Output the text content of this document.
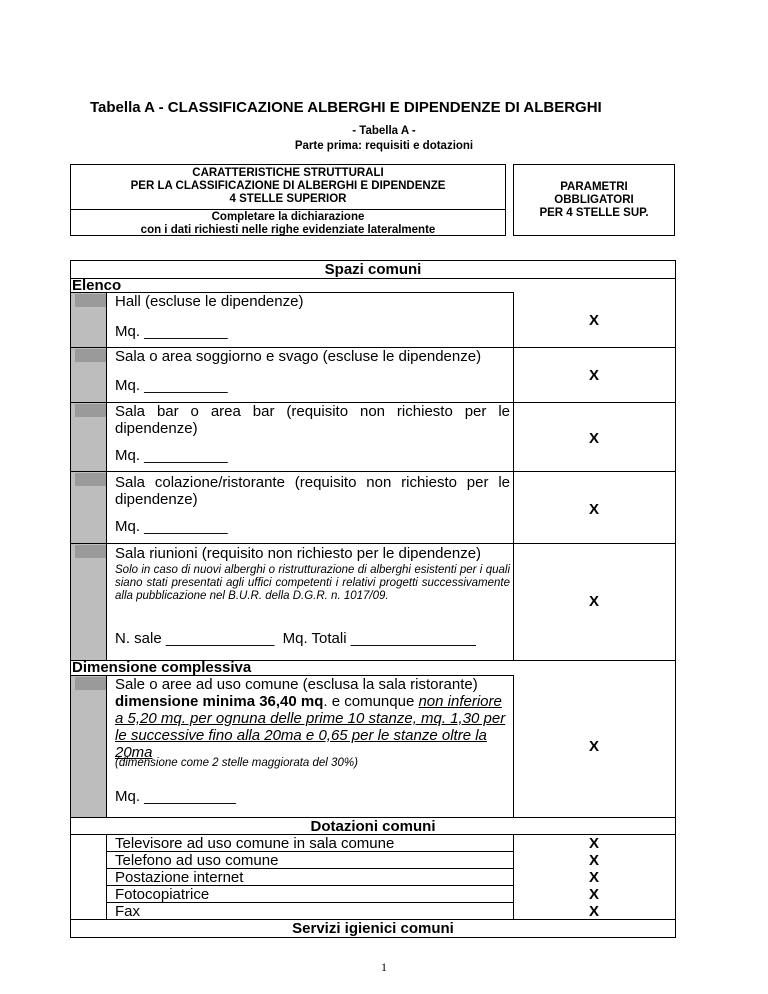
Tabella A - CLASSIFICAZIONE ALBERGHI E DIPENDENZE DI ALBERGHI
- Tabella A -
Parte prima: requisiti e dotazioni
CARATTERISTICHE STRUTTURALI
PER LA CLASSIFICAZIONE DI ALBERGHI E DIPENDENZE
4 STELLE SUPERIOR
Completare la dichiarazione
con i dati richiesti nelle righe evidenziate lateralmente
PARAMETRI
OBBLIGATORI
PER 4 STELLE SUP.
Spazi comuni
Elenco
Hall (escluse le dipendenze)
Mq. __________
X
Sala o area soggiorno e svago (escluse le dipendenze)
Mq. __________
X
Sala bar o area bar (requisito non richiesto per le dipendenze)
Mq. __________
X
Sala colazione/ristorante (requisito non richiesto per le dipendenze)
Mq. __________
X
Sala riunioni (requisito non richiesto per le dipendenze)
Solo in caso di nuovi alberghi o ristrutturazione di alberghi esistenti per i quali siano stati presentati agli uffici competenti i relativi progetti successivamente alla pubblicazione nel B.U.R. della D.G.R. n. 1017/09.
N. sale _____________  Mq. Totali _______________
X
Dimensione complessiva
Sale o aree ad uso comune (esclusa la sala ristorante) dimensione minima 36,40 mq. e comunque non inferiore a 5,20 mq. per ognuna delle prime 10 stanze, mq. 1,30 per le successive fino alla 20ma e 0,65 per le stanze oltre la 20ma
(dimensione come 2 stelle maggiorata del 30%)
Mq. ___________
X
Dotazioni comuni
Televisore ad uso comune in sala comune
Telefono ad uso comune
Postazione internet
Fotocopiatrice
Fax
X
X
X
X
X
Servizi igienici comuni
1
